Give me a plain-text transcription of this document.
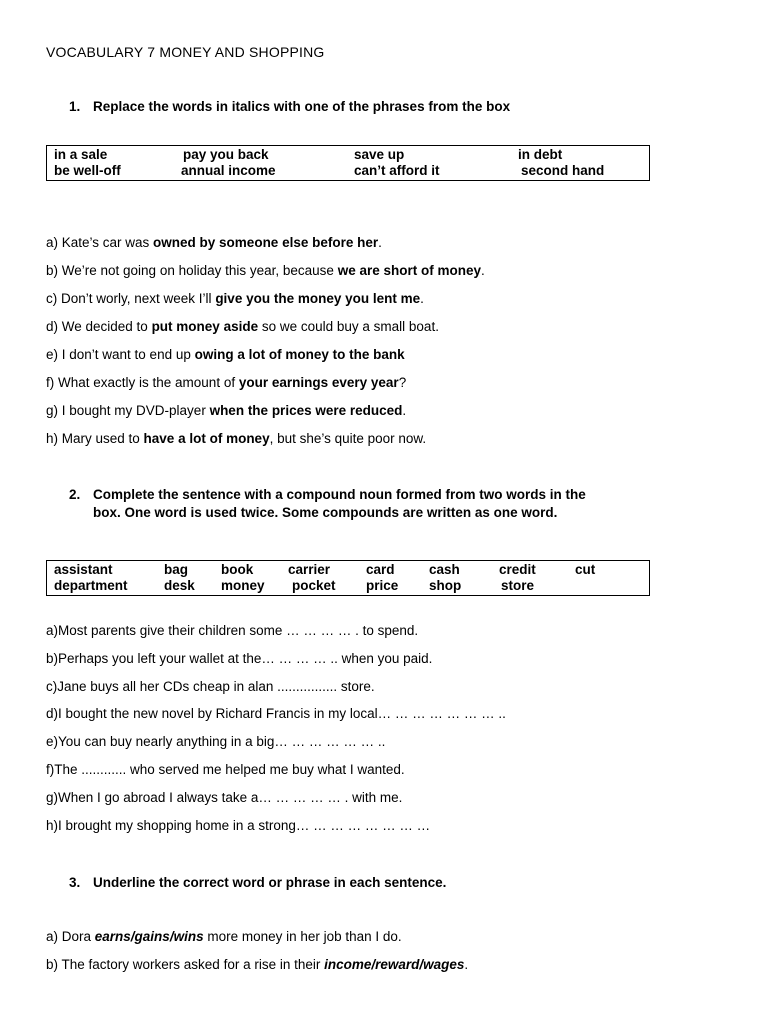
VOCABULARY 7 MONEY AND SHOPPING
1. Replace the words in italics with one of the phrases from the box
in a sale	pay you back	save up	in debt
be well-off	annual income	can’t afford it	second hand
a) Kate’s car was owned by someone else before her.
b) We’re not going on holiday this year, because we are short of money.
c) Don’t worly, next week I’ll give you the money you lent me.
d) We decided to put money aside so we could buy a small boat.
e) I don’t want to end up owing a lot of money to the bank
f) What exactly is the amount of your earnings every year?
g) I bought my DVD-player when the prices were reduced.
h) Mary used to have a lot of money, but she’s quite poor now.
2. Complete the sentence with a compound noun formed from two words in the
box. One word is used twice. Some compounds are written as one word.
assistant	bag book	carrier	card	cash	credit	cut
department	desk money pocket price shop	store
a)Most parents give their children some … … … … . to spend.
b)Perhaps you left your wallet at the… … … … .. when you paid.
c)Jane buys all her CDs cheap in alan ................ store.
d)I bought the new novel by Richard Francis in my local… … … … … … … ..
e)You can buy nearly anything in a big… … … … … … ..
f)The ............ who served me helped me buy what I wanted.
g)When I go abroad I always take a… … … … … . with me.
h)I brought my shopping home in a strong… … … … … … … …
3. Underline the correct word or phrase in each sentence.
a) Dora earns/gains/wins more money in her job than I do.
b) The factory workers asked for a rise in their income/reward/wages.
